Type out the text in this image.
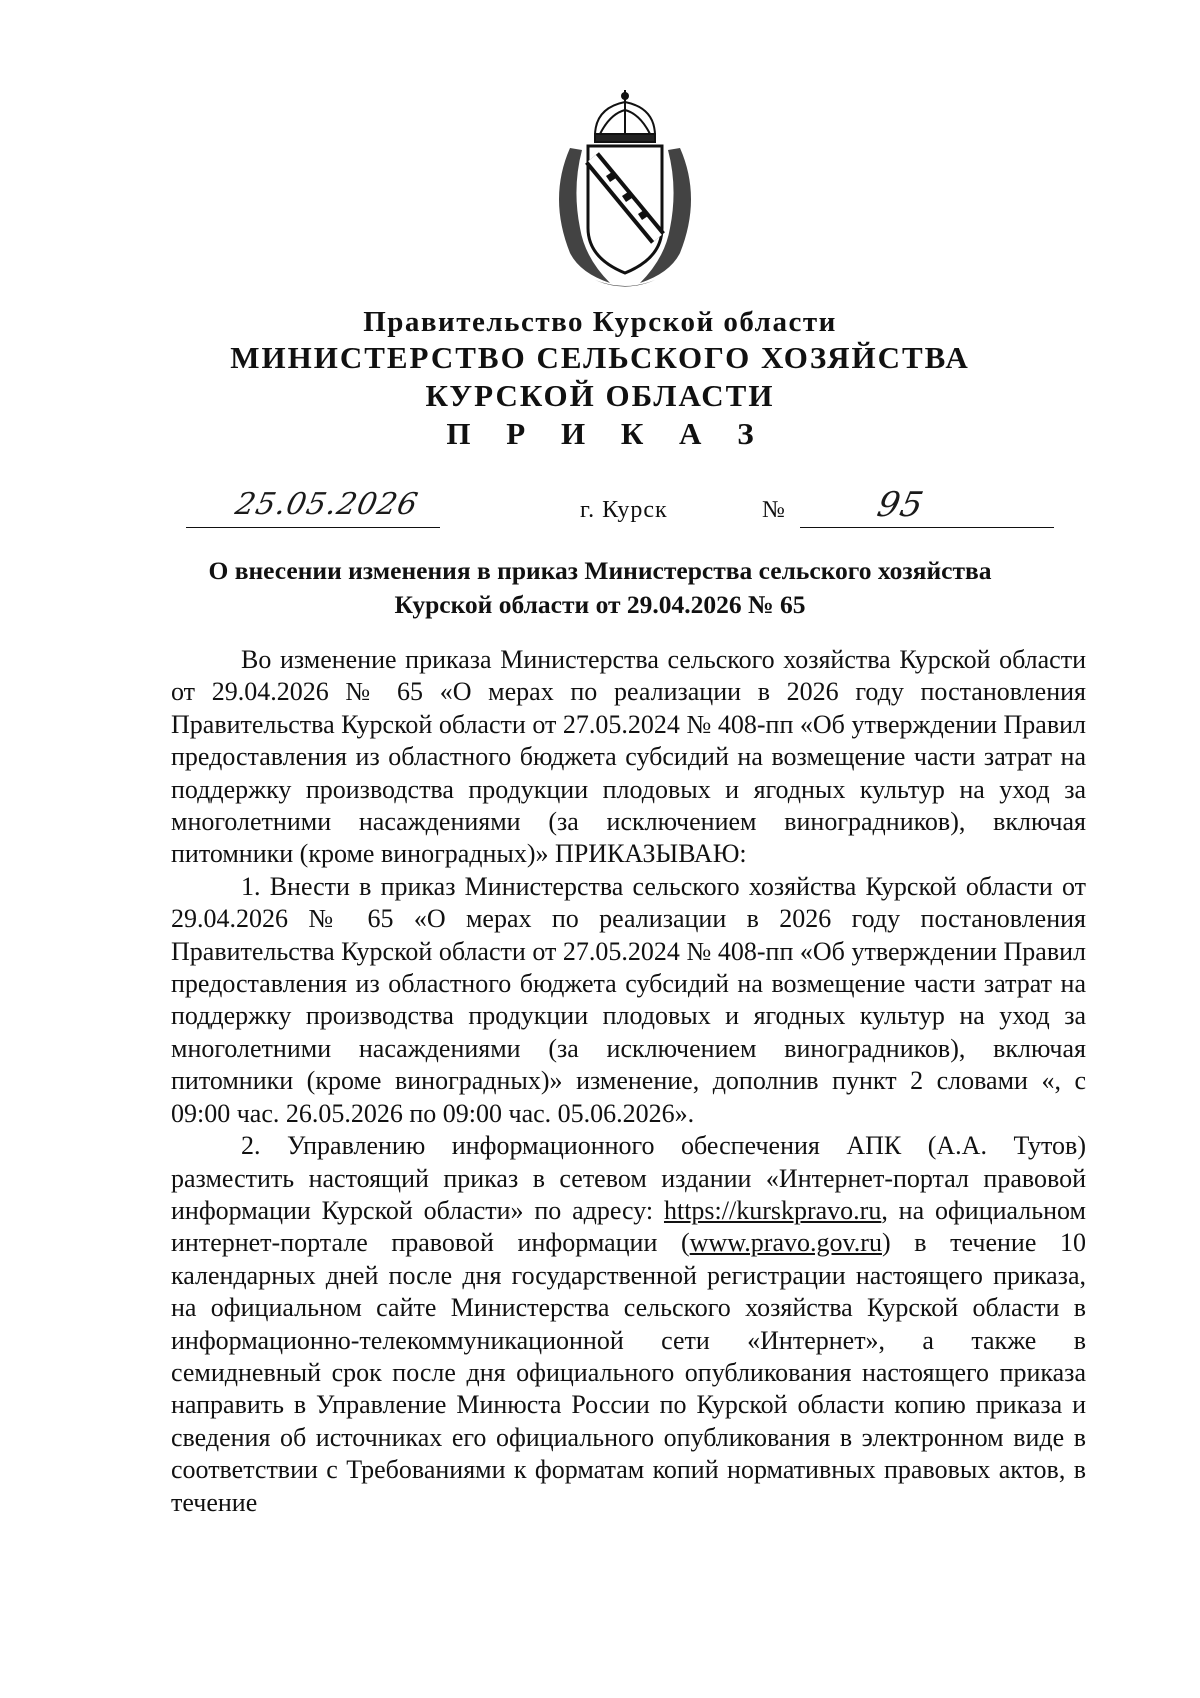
Правительство Курской области
МИНИСТЕРСТВО СЕЛЬСКОГО ХОЗЯЙСТВА
КУРСКОЙ ОБЛАСТИ
П Р И К А З
25.05.2026	г. Курск	№	95
О внесении изменения в приказ Министерства сельского хозяйства
Курской области от 29.04.2026 № 65

Во изменение приказа Министерства сельского хозяйства Курской области от 29.04.2026 № 65 «О мерах по реализации в 2026 году постановления Правительства Курской области от 27.05.2024 № 408-пп «Об утверждении Правил предоставления из областного бюджета субсидий на возмещение части затрат на поддержку производства продукции плодовых и ягодных культур на уход за многолетними насаждениями (за исключением виноградников), включая питомники (кроме виноградных)» ПРИКАЗЫВАЮ:

1. Внести в приказ Министерства сельского хозяйства Курской области от 29.04.2026 № 65 «О мерах по реализации в 2026 году постановления Правительства Курской области от 27.05.2024 № 408-пп «Об утверждении Правил предоставления из областного бюджета субсидий на возмещение части затрат на поддержку производства продукции плодовых и ягодных культур на уход за многолетними насаждениями (за исключением виноградников), включая питомники (кроме виноградных)» изменение, дополнив пункт 2 словами «, с 09:00 час. 26.05.2026 по 09:00 час. 05.06.2026».

2. Управлению информационного обеспечения АПК (А.А. Тутов) разместить настоящий приказ в сетевом издании «Интернет-портал правовой информации Курской области» по адресу: https://kurskpravo.ru, на официальном интернет-портале правовой информации (www.pravo.gov.ru) в течение 10 календарных дней после дня государственной регистрации настоящего приказа, на официальном сайте Министерства сельского хозяйства Курской области в информационно-телекоммуникационной сети «Интернет», а также в семидневный срок после дня официального опубликования настоящего приказа направить в Управление Минюста России по Курской области копию приказа и сведения об источниках его официального опубликования в электронном виде в соответствии с Требованиями к форматам копий нормативных правовых актов, в течение
